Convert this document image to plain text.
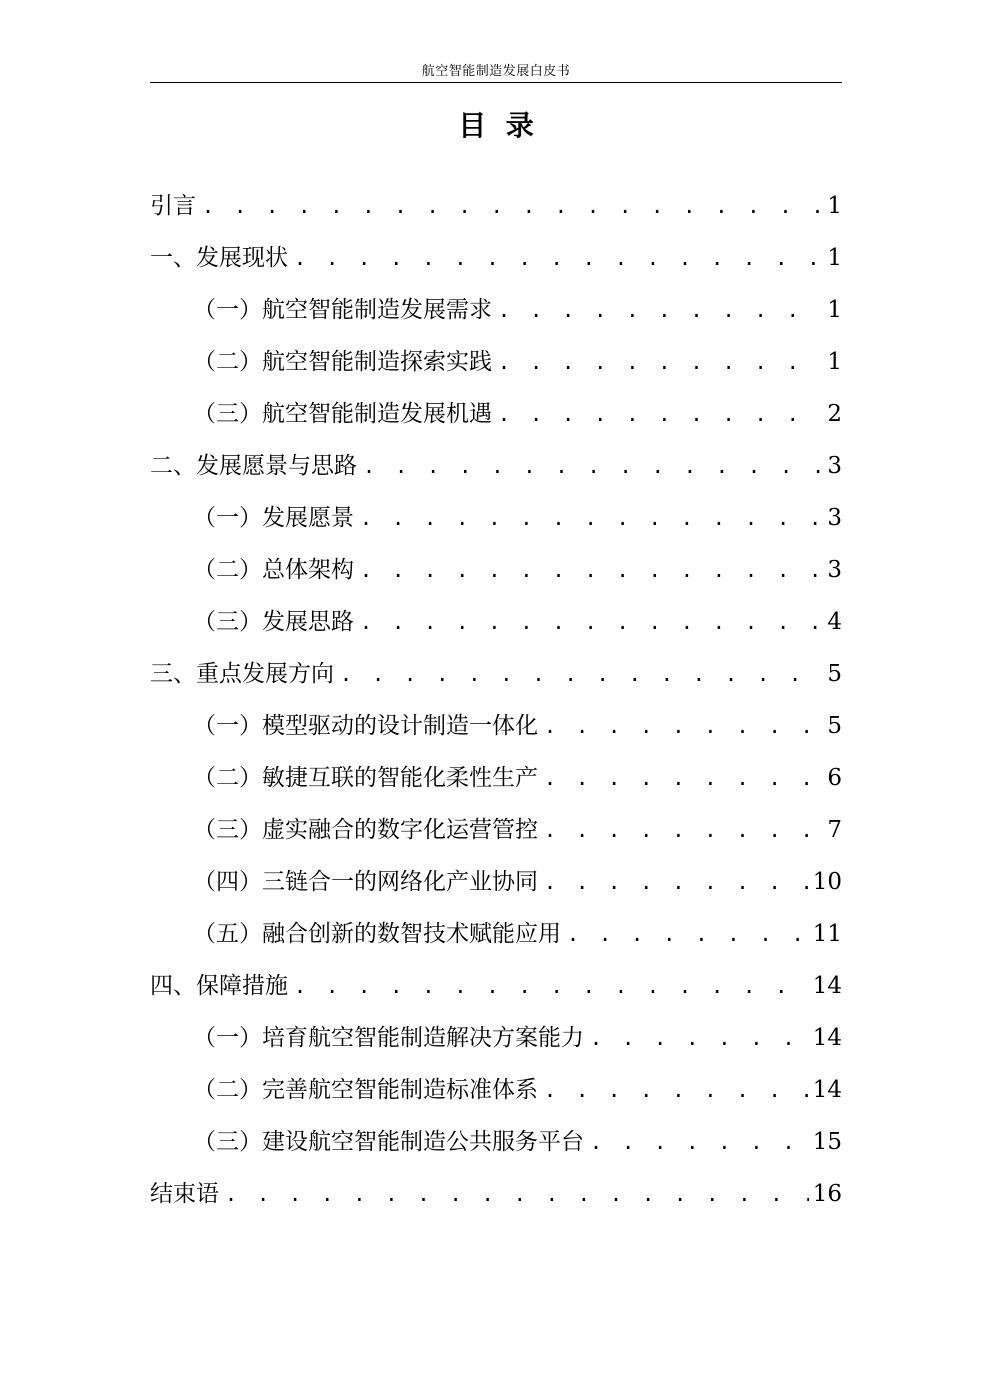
航空智能制造发展白皮书
目  录
引言 . . .	1
一、发展现状 . . .	1
（一）航空智能制造发展需求 . . .	1
（二）航空智能制造探索实践 . . .	1
（三）航空智能制造发展机遇 . . .	2
二、发展愿景与思路 . . .	3
（一）发展愿景 . . .	3
（二）总体架构 . . .	3
（三）发展思路 . . .	4
三、重点发展方向 . . .	5
（一）模型驱动的设计制造一体化 . . .	5
（二）敏捷互联的智能化柔性生产 . . .	6
（三）虚实融合的数字化运营管控 . . .	7
（四）三链合一的网络化产业协同 . . .	10
（五）融合创新的数智技术赋能应用 . . .	11
四、保障措施 . . .	14
（一）培育航空智能制造解决方案能力 . . .	14
（二）完善航空智能制造标准体系 . . .	14
（三）建设航空智能制造公共服务平台 . . .	15
结束语 . . .	16
